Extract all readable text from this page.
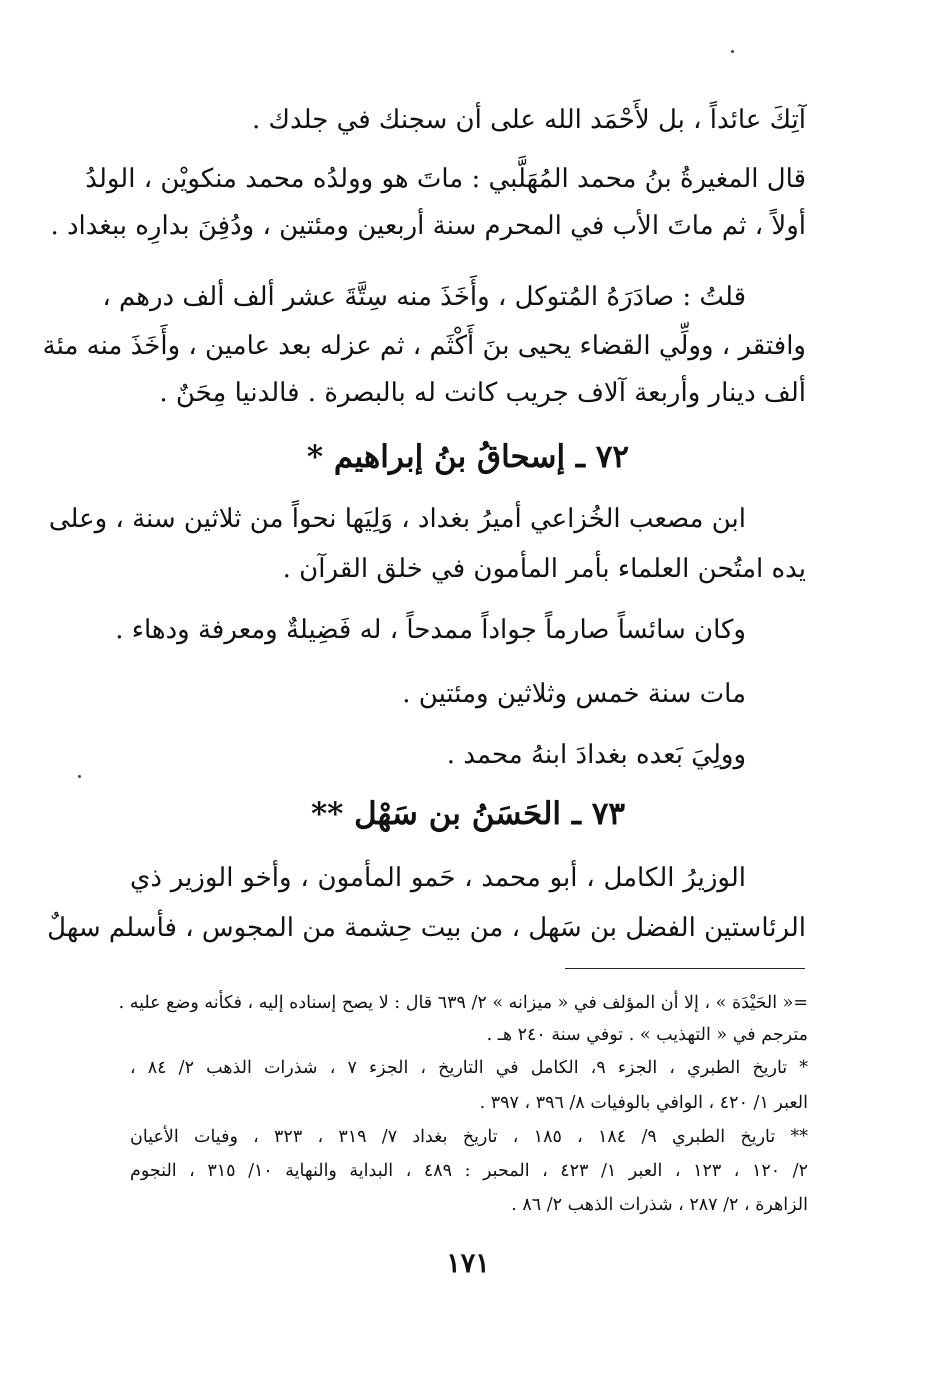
آتِكَ عائداً ، بل لأَحْمَد الله على أن سجنك في جلدك .
قال المغيرةُ بنُ محمد المُهَلَّبي : ماتَ هو وولدُه محمد منكويْن ، الولدُ
أولاً ، ثم ماتَ الأب في المحرم سنة أربعين ومئتين ، ودُفِنَ بدارِه ببغداد .
قلتُ : صادَرَهُ المُتوكل ، وأَخَذَ منه سِتَّةَ عشر ألف ألف درهم ،
وافتقر ، وولِّي القضاء يحيى بنَ أَكْثَم ، ثم عزله بعد عامين ، وأَخَذَ منه مئة
ألف دينار وأربعة آلاف جريب كانت له بالبصرة . فالدنيا مِحَنٌ .
٧٢ ـ إسحاقُ بنُ إبراهيم *
ابن مصعب الخُزاعي أميرُ بغداد ، وَلِيَها نحواً من ثلاثين سنة ، وعلى
يده امتُحن العلماء بأمر المأمون في خلق القرآن .
وكان سائساً صارماً جواداً ممدحاً ، له فَضِيلةٌ ومعرفة ودهاء .
مات سنة خمس وثلاثين ومئتين .
وولِيَ بَعده بغدادَ ابنهُ محمد .
٧٣ ـ الحَسَنُ بن سَهْل **
الوزيرُ الكامل ، أبو محمد ، حَمو المأمون ، وأخو الوزير ذي
الرئاستين الفضل بن سَهل ، من بيت حِشمة من المجوس ، فأسلم سهلٌ
=« الحَيْدَة » ، إلا أن المؤلف في « ميزانه » ٢/ ٦٣٩ قال : لا يصح إسناده إليه ، فكأنه وضع عليه .
مترجم في « التهذيب » . توفي سنة ٢٤٠ هـ .
* تاريخ الطبري ، الجزء ٩، الكامل في التاريخ ، الجزء ٧ ، شذرات الذهب ٢/ ٨٤ ،
العبر ١/ ٤٢٠ ، الوافي بالوفيات ٨/ ٣٩٦ ، ٣٩٧ .
** تاريخ الطبري ٩/ ١٨٤ ، ١٨٥ ، تاريخ بغداد ٧/ ٣١٩ ، ٣٢٣ ، وفيات الأعيان
٢/ ١٢٠ ، ١٢٣ ، العبر ١/ ٤٢٣ ، المحبر : ٤٨٩ ، البداية والنهاية ١٠/ ٣١٥ ، النجوم
الزاهرة ، ٢/ ٢٨٧ ، شذرات الذهب ٢/ ٨٦ .
١٧١
